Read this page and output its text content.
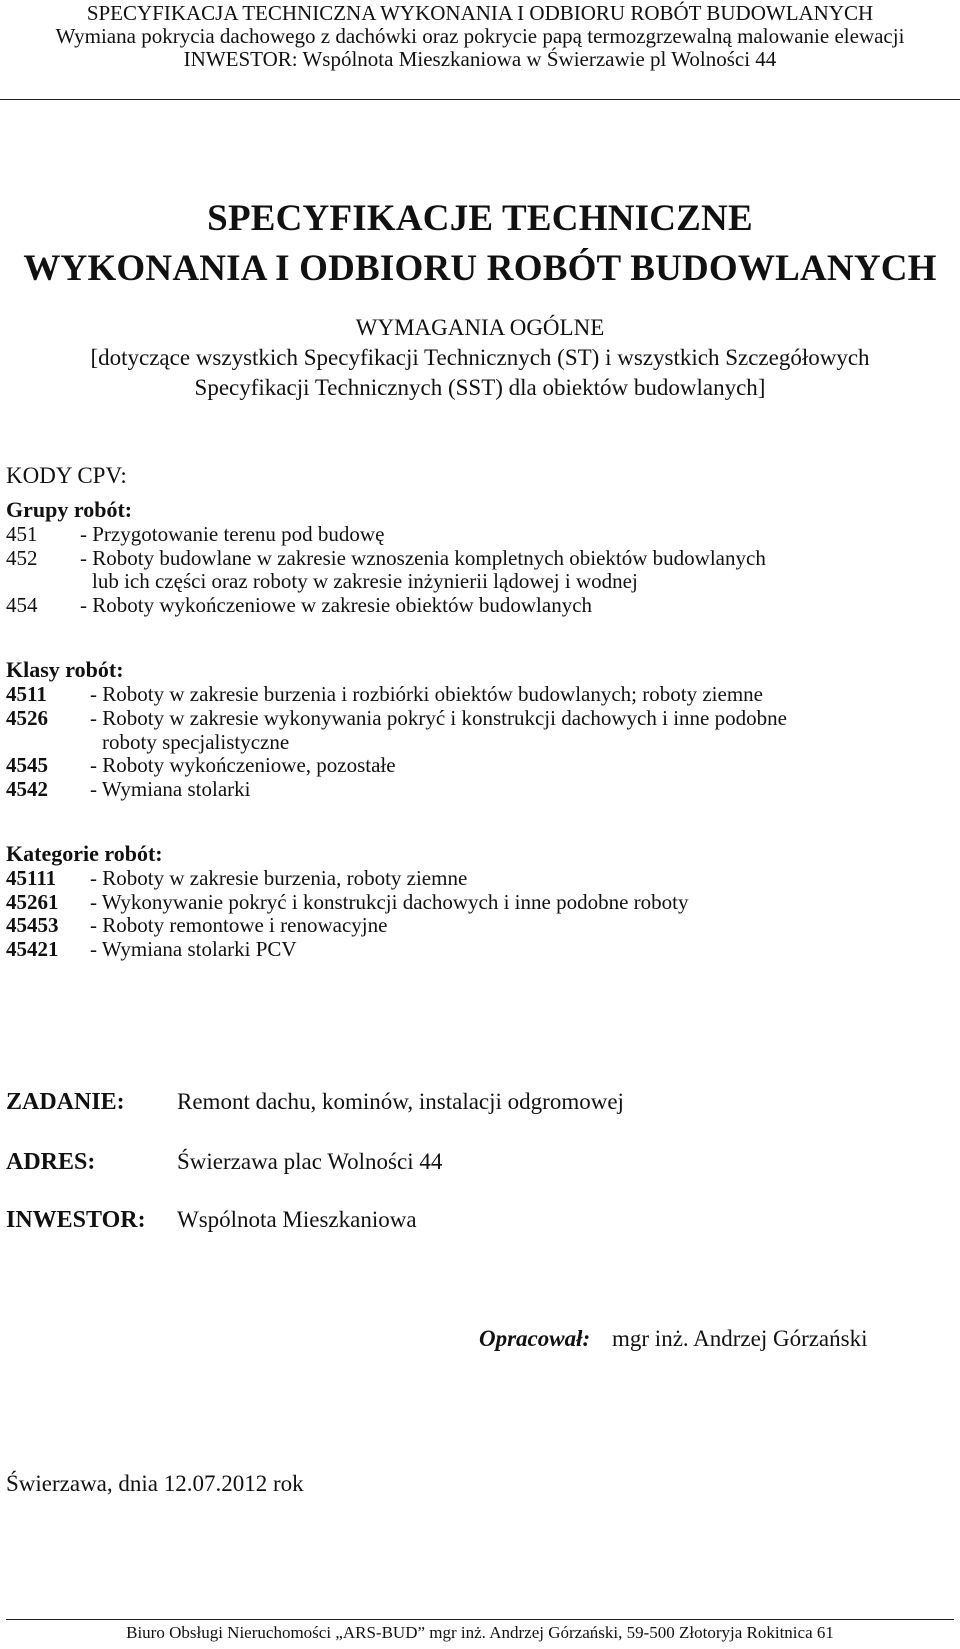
SPECYFIKACJA TECHNICZNA WYKONANIA I ODBIORU ROBÓT BUDOWLANYCH
Wymiana pokrycia dachowego z dachówki oraz pokrycie papą termozgrzewalną malowanie elewacji
INWESTOR: Wspólnota Mieszkaniowa w Świerzawie pl Wolności 44
SPECYFIKACJE TECHNICZNE
WYKONANIA I ODBIORU ROBÓT BUDOWLANYCH
WYMAGANIA OGÓLNE
[dotyczące wszystkich Specyfikacji Technicznych (ST) i wszystkich Szczegółowych
Specyfikacji Technicznych (SST) dla obiektów budowlanych]
KODY CPV:
Grupy robót:
451 - Przygotowanie terenu pod budowę
452 - Roboty budowlane w zakresie wznoszenia kompletnych obiektów budowlanych
lub ich części oraz roboty w zakresie inżynierii lądowej i wodnej
454 - Roboty wykończeniowe w zakresie obiektów budowlanych
Klasy robót:
4511 - Roboty w zakresie burzenia i rozbiórki obiektów budowlanych; roboty ziemne
4526 - Roboty w zakresie wykonywania pokryć i konstrukcji dachowych i inne podobne
roboty specjalistyczne
4545 - Roboty wykończeniowe, pozostałe
4542 - Wymiana stolarki
Kategorie robót:
45111 - Roboty w zakresie burzenia, roboty ziemne
45261 - Wykonywanie pokryć i konstrukcji dachowych i inne podobne roboty
45453 - Roboty remontowe i renowacyjne
45421 - Wymiana stolarki PCV
ZADANIE: Remont dachu, kominów, instalacji odgromowej
ADRES:	Świerzawa plac Wolności 44
INWESTOR: Wspólnota Mieszkaniowa
Opracował: mgr inż. Andrzej Górzański
Świerzawa, dnia 12.07.2012 rok
Biuro Obsługi Nieruchomości „ARS-BUD” mgr inż. Andrzej Górzański, 59-500 Złotoryja Rokitnica 61
